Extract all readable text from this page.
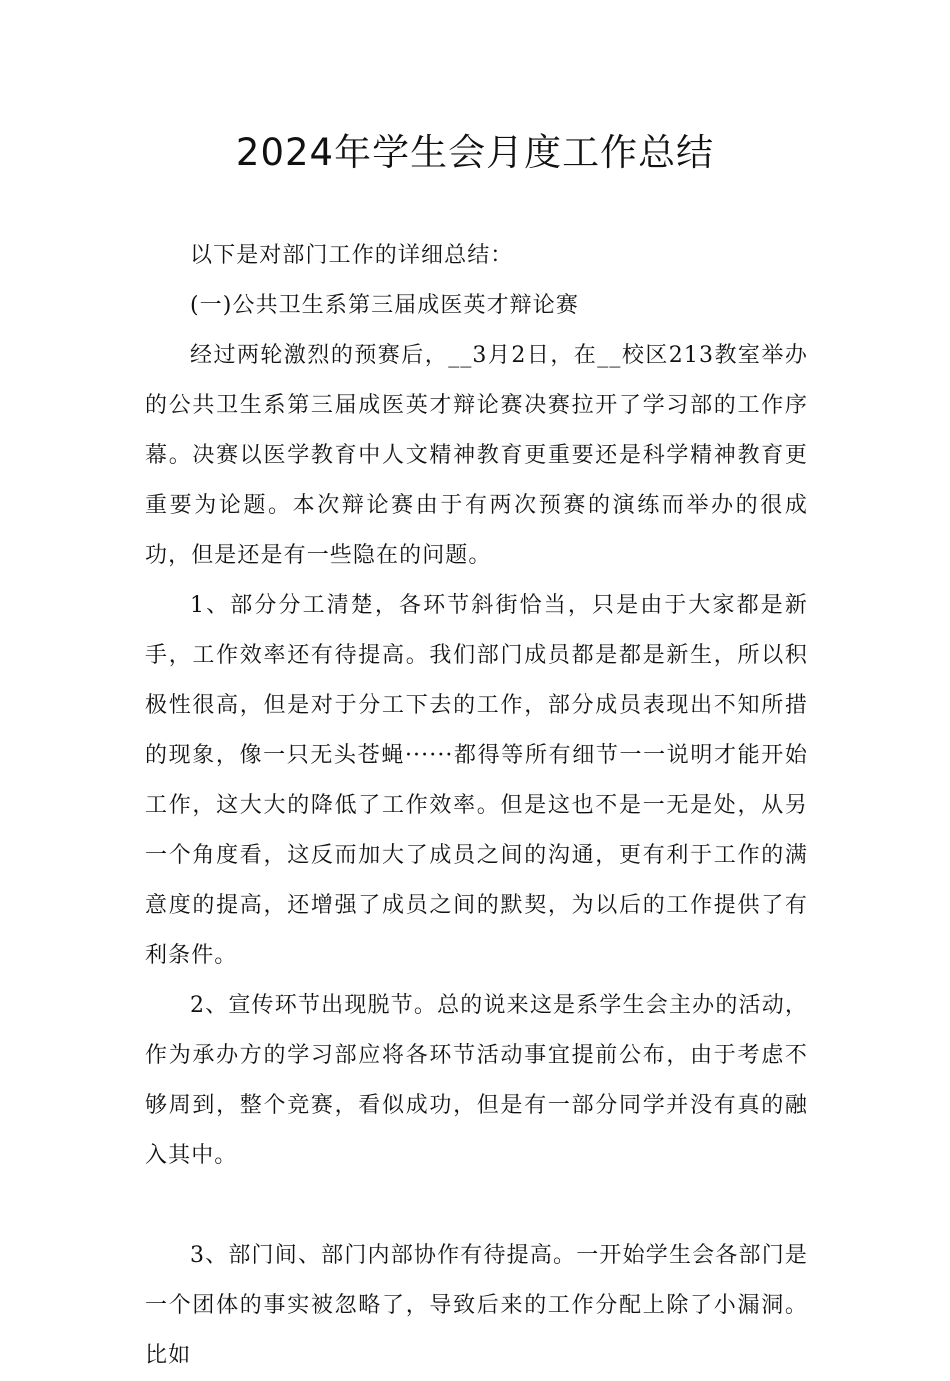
2024年学生会月度工作总结

以下是对部门工作的详细总结：

(一)公共卫生系第三届成医英才辩论赛

经过两轮激烈的预赛后，__3月2日，在__校区213教室举办的公共卫生系第三届成医英才辩论赛决赛拉开了学习部的工作序幕。决赛以医学教育中人文精神教育更重要还是科学精神教育更重要为论题。本次辩论赛由于有两次预赛的演练而举办的很成功，但是还是有一些隐在的问题。

1、部分分工清楚，各环节斜街恰当，只是由于大家都是新手，工作效率还有待提高。我们部门成员都是都是新生，所以积极性很高，但是对于分工下去的工作，部分成员表现出不知所措的现象，像一只无头苍蝇······都得等所有细节一一说明才能开始工作，这大大的降低了工作效率。但是这也不是一无是处，从另一个角度看，这反而加大了成员之间的沟通，更有利于工作的满意度的提高，还增强了成员之间的默契，为以后的工作提供了有利条件。

2、宣传环节出现脱节。总的说来这是系学生会主办的活动，作为承办方的学习部应将各环节活动事宜提前公布，由于考虑不够周到，整个竞赛，看似成功，但是有一部分同学并没有真的融入其中。

3、部门间、部门内部协作有待提高。一开始学生会各部门是一个团体的事实被忽略了，导致后来的工作分配上除了小漏洞。比如
